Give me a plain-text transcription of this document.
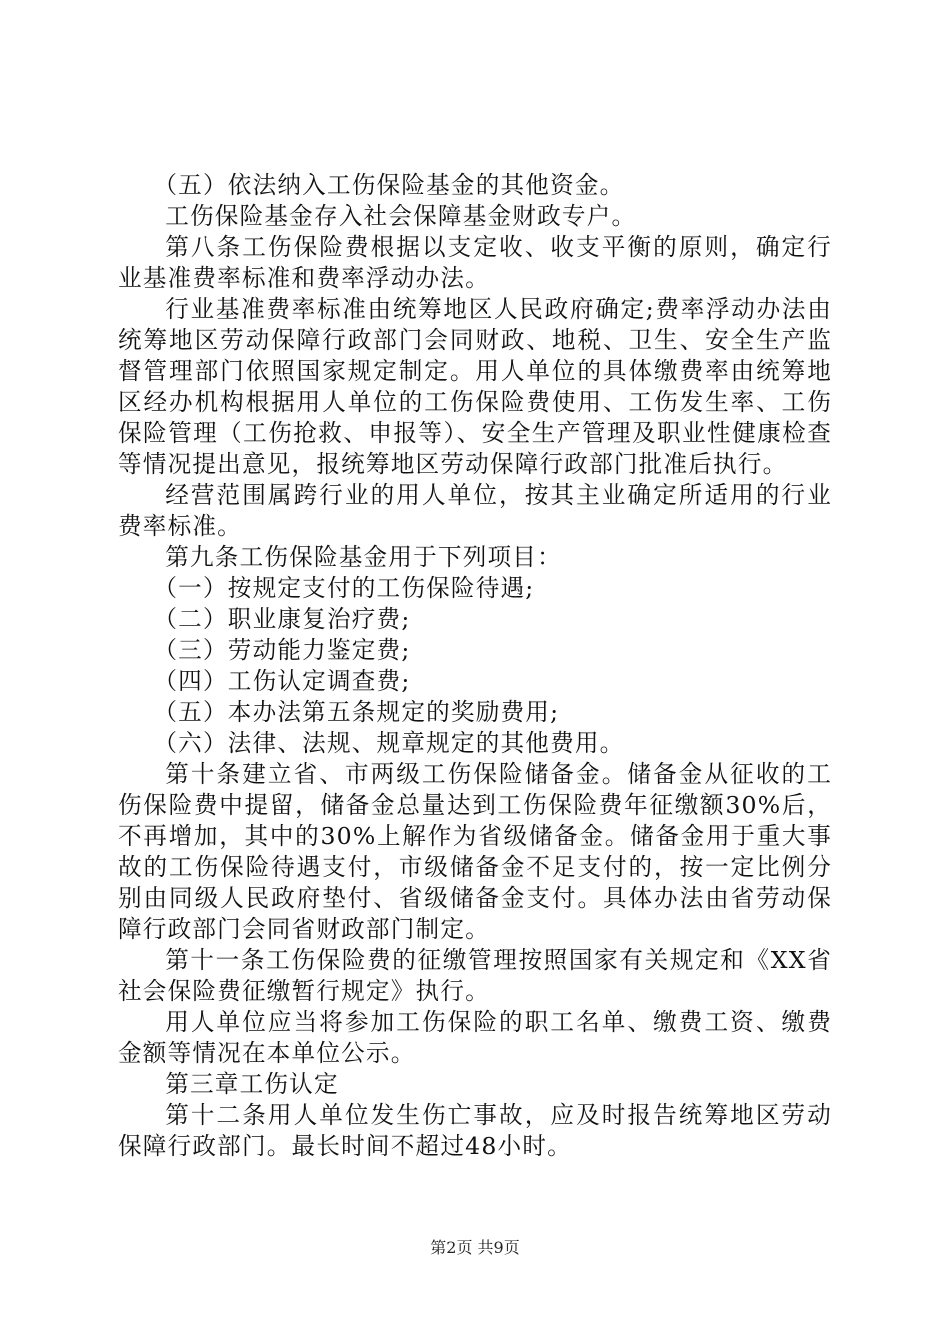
（五）依法纳入工伤保险基金的其他资金。

工伤保险基金存入社会保障基金财政专户。

第八条工伤保险费根据以支定收、收支平衡的原则，确定行业基准费率标准和费率浮动办法。

行业基准费率标准由统筹地区人民政府确定;费率浮动办法由统筹地区劳动保障行政部门会同财政、地税、卫生、安全生产监督管理部门依照国家规定制定。用人单位的具体缴费率由统筹地区经办机构根据用人单位的工伤保险费使用、工伤发生率、工伤保险管理（工伤抢救、申报等）、安全生产管理及职业性健康检查等情况提出意见，报统筹地区劳动保障行政部门批准后执行。

经营范围属跨行业的用人单位，按其主业确定所适用的行业费率标准。

第九条工伤保险基金用于下列项目：

（一）按规定支付的工伤保险待遇;

（二）职业康复治疗费;

（三）劳动能力鉴定费;

（四）工伤认定调查费;

（五）本办法第五条规定的奖励费用;

（六）法律、法规、规章规定的其他费用。

第十条建立省、市两级工伤保险储备金。储备金从征收的工伤保险费中提留，储备金总量达到工伤保险费年征缴额30%后，不再增加，其中的30%上解作为省级储备金。储备金用于重大事故的工伤保险待遇支付，市级储备金不足支付的，按一定比例分别由同级人民政府垫付、省级储备金支付。具体办法由省劳动保障行政部门会同省财政部门制定。

第十一条工伤保险费的征缴管理按照国家有关规定和《XX省社会保险费征缴暂行规定》执行。

用人单位应当将参加工伤保险的职工名单、缴费工资、缴费金额等情况在本单位公示。

第三章工伤认定

第十二条用人单位发生伤亡事故，应及时报告统筹地区劳动保障行政部门。最长时间不超过48小时。

第2页 共9页
